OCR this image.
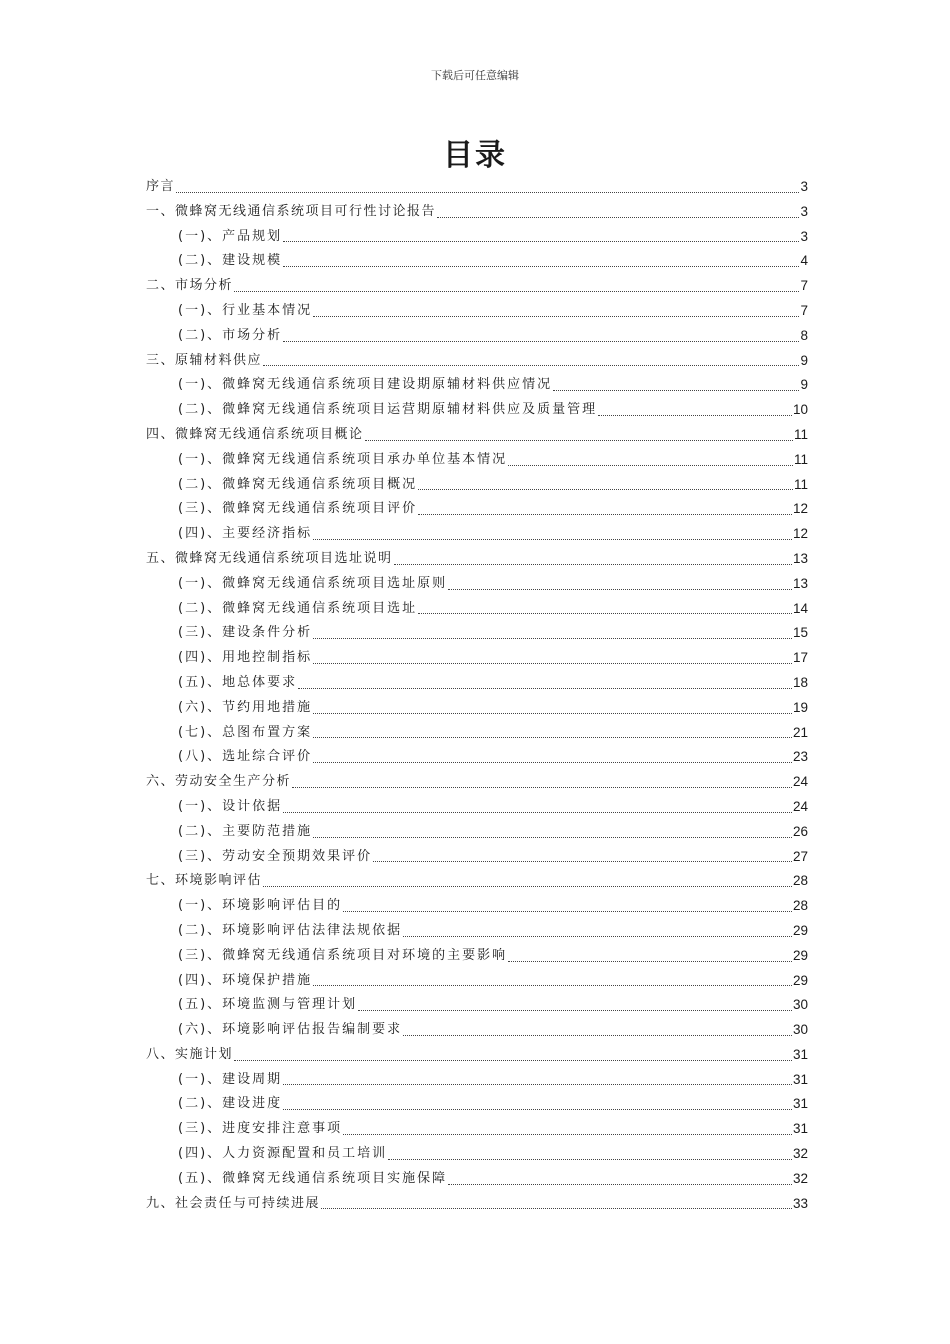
下载后可任意编辑
目录
序言	3
一、微蜂窝无线通信系统项目可行性讨论报告	3
(一)、产品规划	3
(二)、建设规模	4
二、市场分析	7
(一)、行业基本情况	7
(二)、市场分析	8
三、原辅材料供应	9
(一)、微蜂窝无线通信系统项目建设期原辅材料供应情况	9
(二)、微蜂窝无线通信系统项目运营期原辅材料供应及质量管理	10
四、微蜂窝无线通信系统项目概论	11
(一)、微蜂窝无线通信系统项目承办单位基本情况	11
(二)、微蜂窝无线通信系统项目概况	11
(三)、微蜂窝无线通信系统项目评价	12
(四)、主要经济指标	12
五、微蜂窝无线通信系统项目选址说明	13
(一)、微蜂窝无线通信系统项目选址原则	13
(二)、微蜂窝无线通信系统项目选址	14
(三)、建设条件分析	15
(四)、用地控制指标	17
(五)、地总体要求	18
(六)、节约用地措施	19
(七)、总图布置方案	21
(八)、选址综合评价	23
六、劳动安全生产分析	24
(一)、设计依据	24
(二)、主要防范措施	26
(三)、劳动安全预期效果评价	27
七、环境影响评估	28
(一)、环境影响评估目的	28
(二)、环境影响评估法律法规依据	29
(三)、微蜂窝无线通信系统项目对环境的主要影响	29
(四)、环境保护措施	29
(五)、环境监测与管理计划	30
(六)、环境影响评估报告编制要求	30
八、实施计划	31
(一)、建设周期	31
(二)、建设进度	31
(三)、进度安排注意事项	31
(四)、人力资源配置和员工培训	32
(五)、微蜂窝无线通信系统项目实施保障	32
九、社会责任与可持续进展	33
